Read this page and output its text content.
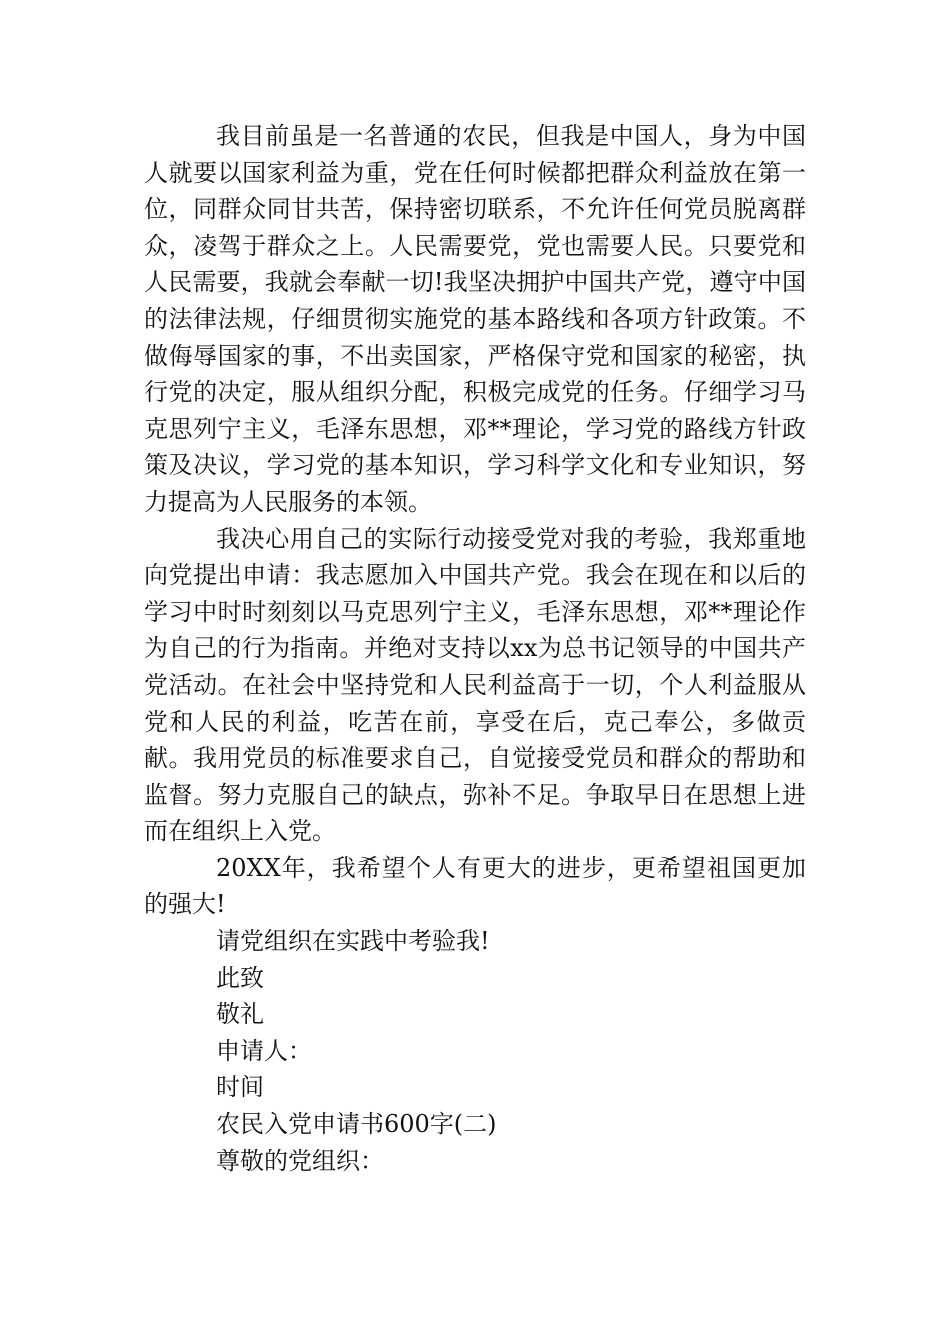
我目前虽是一名普通的农民，但我是中国人，身为中国人就要以国家利益为重，党在任何时候都把群众利益放在第一位，同群众同甘共苦，保持密切联系，不允许任何党员脱离群众，凌驾于群众之上。人民需要党，党也需要人民。只要党和人民需要，我就会奉献一切!我坚决拥护中国共产党，遵守中国的法律法规，仔细贯彻实施党的基本路线和各项方针政策。不做侮辱国家的事，不出卖国家，严格保守党和国家的秘密，执行党的决定，服从组织分配，积极完成党的任务。仔细学习马克思列宁主义，毛泽东思想，邓**理论，学习党的路线方针政策及决议，学习党的基本知识，学习科学文化和专业知识，努力提高为人民服务的本领。

我决心用自己的实际行动接受党对我的考验，我郑重地向党提出申请：我志愿加入中国共产党。我会在现在和以后的学习中时时刻刻以马克思列宁主义，毛泽东思想，邓**理论作为自己的行为指南。并绝对支持以xx为总书记领导的中国共产党活动。在社会中坚持党和人民利益高于一切，个人利益服从党和人民的利益，吃苦在前，享受在后，克己奉公，多做贡献。我用党员的标准要求自己，自觉接受党员和群众的帮助和监督。努力克服自己的缺点，弥补不足。争取早日在思想上进而在组织上入党。

20XX年，我希望个人有更大的进步，更希望祖国更加的强大!

请党组织在实践中考验我!

此致

敬礼

申请人：

时间

农民入党申请书600字(二)

尊敬的党组织：
